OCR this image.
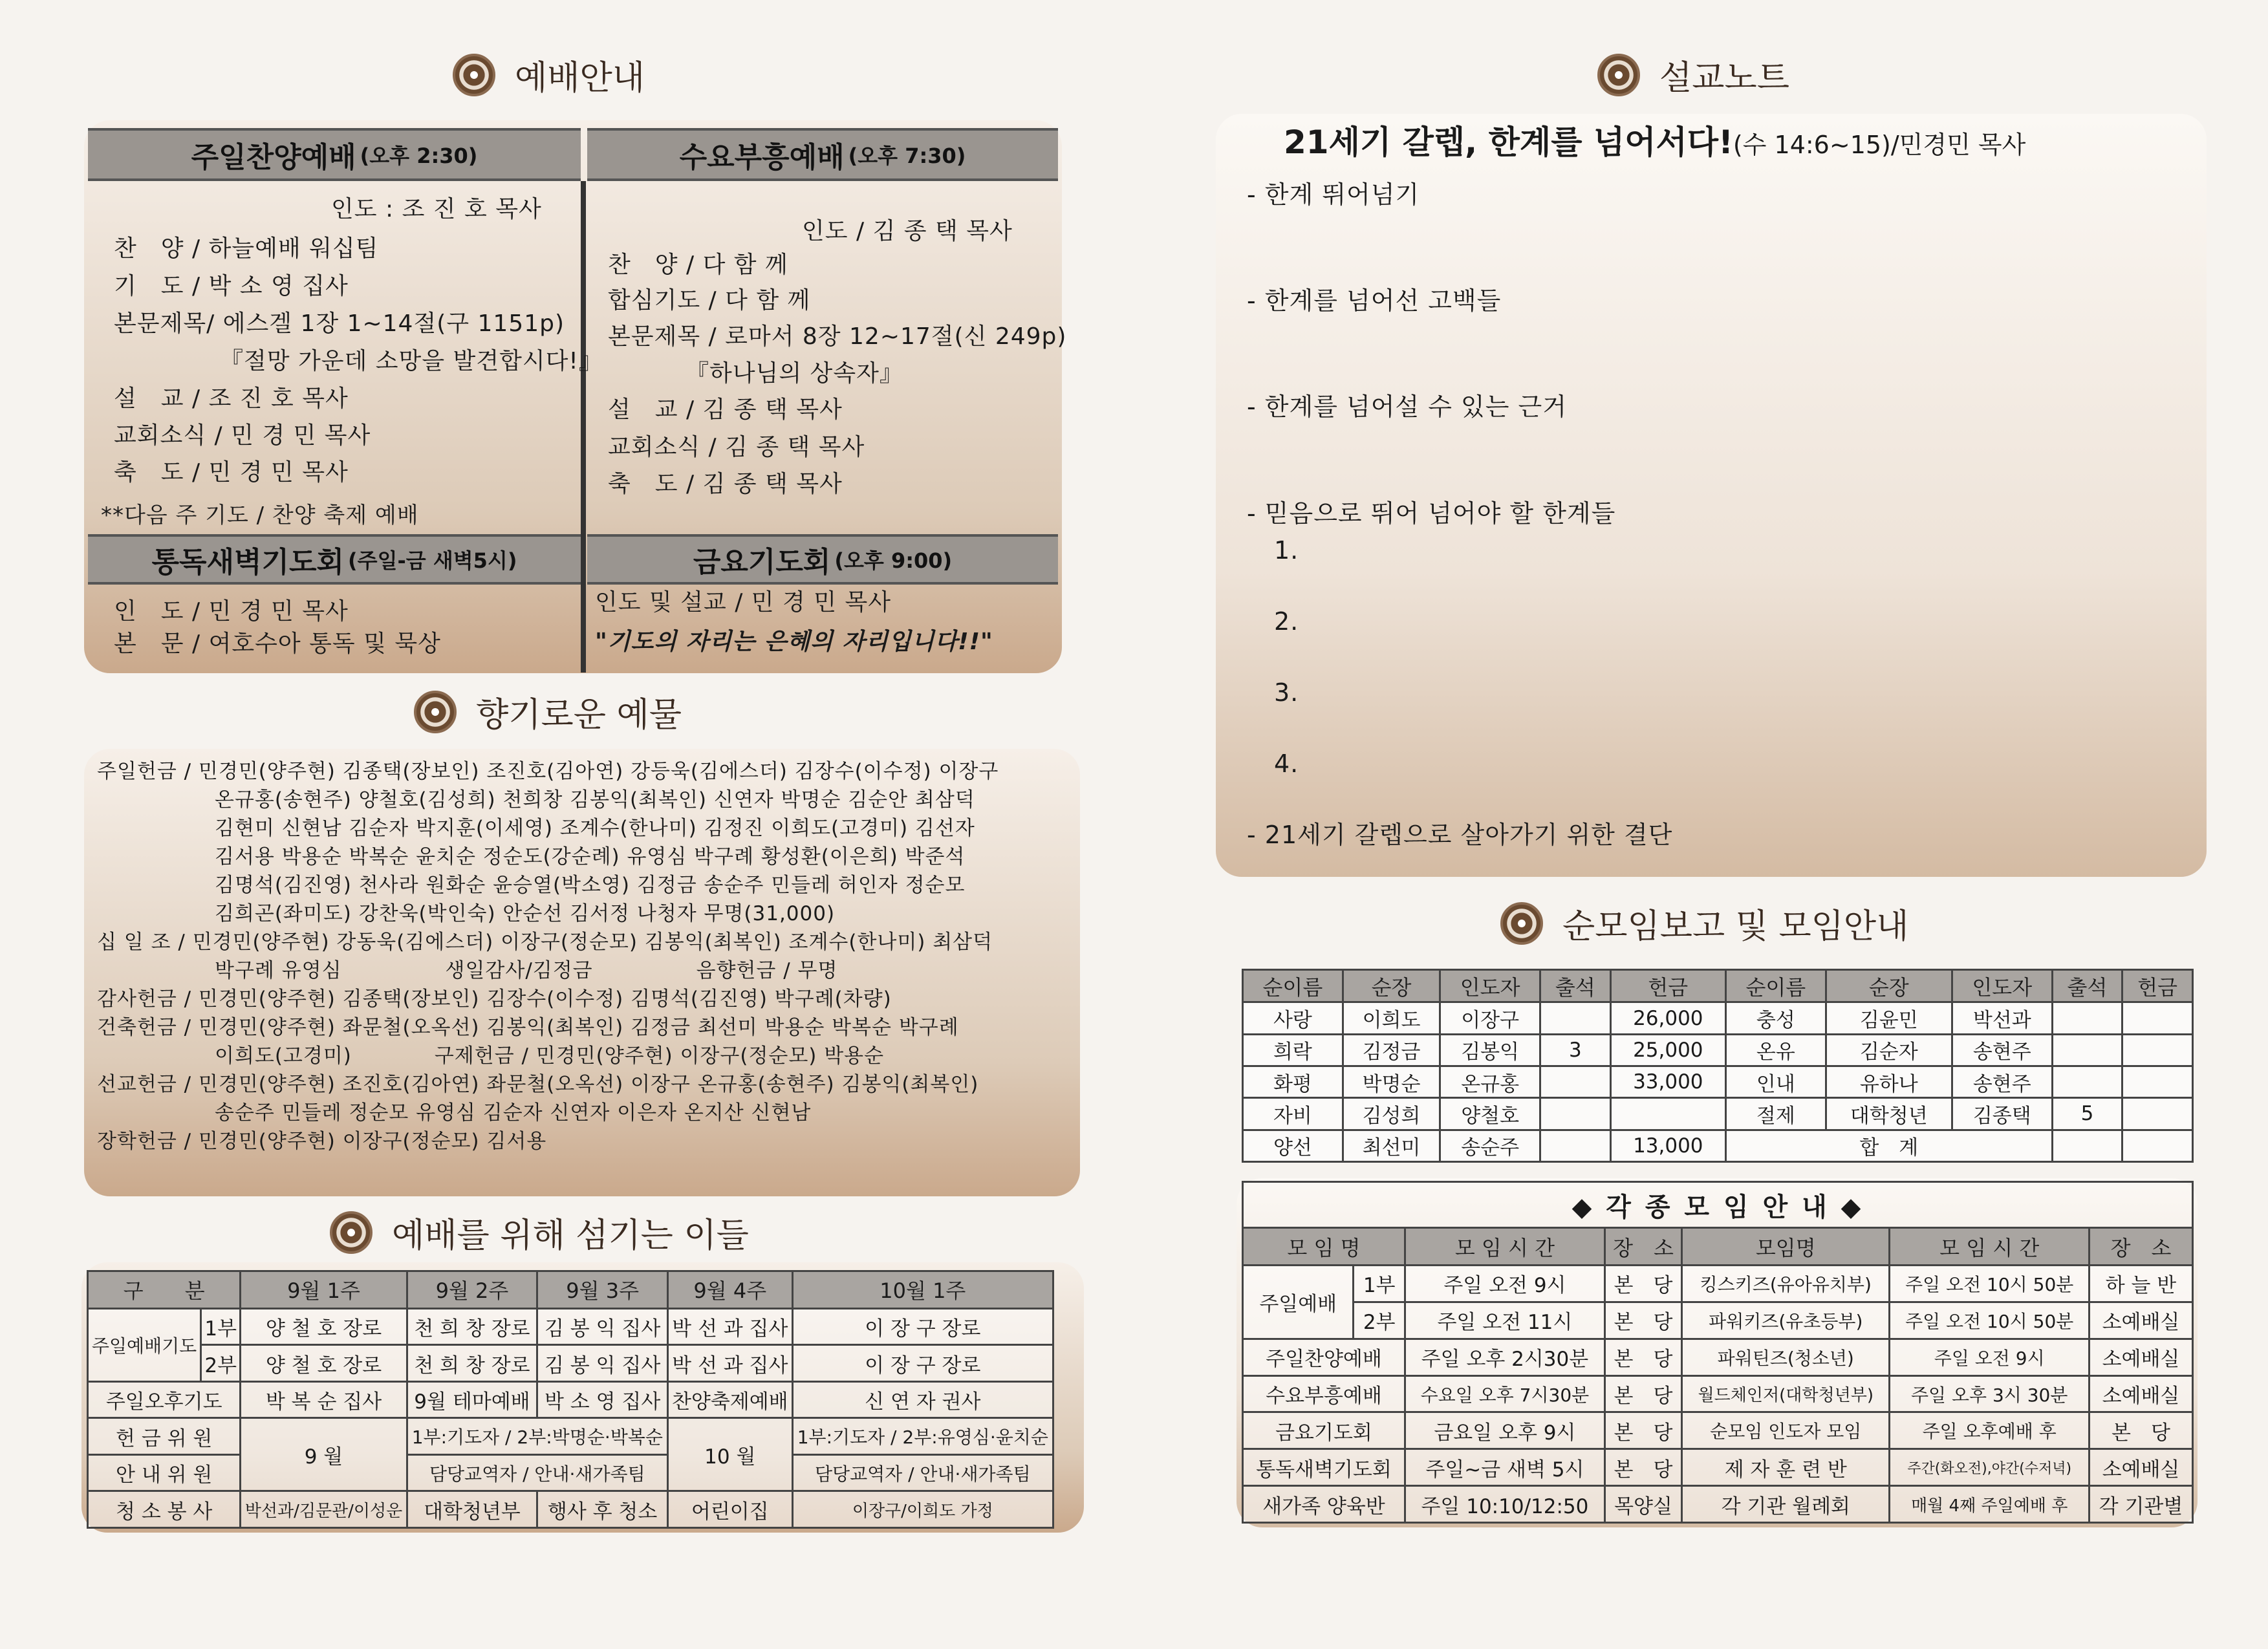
예배안내
주일찬양예배 (오후 2:30)	수요부흥예배 (오후 7:30)
인도 : 조 진 호 목사
찬　양 / 하늘예배 워십팀
기　도 / 박 소 영 집사
본문제목/ 에스겔 1장 1~14절(구 1151p)
『절망 가운데 소망을 발견합시다!』
설　교 / 조 진 호 목사
교회소식 / 민 경 민 목사
축　도 / 민 경 민 목사
**다음 주 기도 / 찬양 축제 예배
인도 / 김 종 택 목사
찬　양 / 다 함 께
합심기도 / 다 함 께
본문제목 / 로마서 8장 12~17절(신 249p)
『하나님의 상속자』
설　교 / 김 종 택 목사
교회소식 / 김 종 택 목사
축　도 / 김 종 택 목사
통독새벽기도회 (주일-금 새벽5시)	금요기도회 (오후 9:00)
인　도 / 민 경 민 목사
본　문 / 여호수아 통독 및 묵상
인도 및 설교 / 민 경 민 목사
"기도의 자리는 은혜의 자리입니다!!"
향기로운 예물
주일헌금 / 민경민(양주현) 김종택(장보인) 조진호(김아연) 강등욱(김에스더) 김장수(이수정) 이장구
온규홍(송현주) 양철호(김성희) 천희창 김봉익(최복인) 신연자 박명순 김순안 최삼덕
김현미 신현남 김순자 박지훈(이세영) 조계수(한나미) 김정진 이희도(고경미) 김선자
김서용 박용순 박복순 윤치순 정순도(강순례) 유영심 박구례 황성환(이은희) 박준석
김명석(김진영) 천사라 원화순 윤승열(박소영) 김정금 송순주 민들레 허인자 정순모
김희곤(좌미도) 강찬욱(박인숙) 안순선 김서정 나청자 무명(31,000)
십 일 조 / 민경민(양주현) 강동욱(김에스더) 이장구(정순모) 김봉익(최복인) 조계수(한나미) 최삼덕
박구례 유영심　　　　　생일감사/김정금　　　　　음향헌금 / 무명
감사헌금 / 민경민(양주현) 김종택(장보인) 김장수(이수정) 김명석(김진영) 박구례(차량)
건축헌금 / 민경민(양주현) 좌문철(오옥선) 김봉익(최복인) 김정금 최선미 박용순 박복순 박구례
이희도(고경미)　　　　구제헌금 / 민경민(양주현) 이장구(정순모) 박용순
선교헌금 / 민경민(양주현) 조진호(김아연) 좌문철(오옥선) 이장구 온규홍(송현주) 김봉익(최복인)
송순주 민들레 정순모 유영심 김순자 신연자 이은자 온지산 신현남
장학헌금 / 민경민(양주현) 이장구(정순모) 김서용
예배를 위해 섬기는 이들
구　　분		9월 1주	9월 2주	9월 3주	9월 4주	10월 1주
주일예배기도	1부	양 철 호 장로	천 희 창 장로	김 봉 익 집사	박 선 과 집사	이 장 구 장로
	2부	양 철 호 장로	천 희 창 장로	김 봉 익 집사	박 선 과 집사	이 장 구 장로
주일오후기도		박 복 순 집사	9월 테마예배	박 소 영 집사	찬양축제예배	신 연 자 권사
헌 금 위 원		9 월	1부:기도자 / 2부:박명순·박복순		10 월	1부:기도자 / 2부:유영심·윤치순
안 내 위 원			담당교역자 / 안내·새가족팀			담당교역자 / 안내·새가족팀
청 소 봉 사		박선과/김문관/이성운	대학청년부	행사 후 청소	어린이집	이장구/이희도 가정
설교노트
21세기 갈렙, 한계를 넘어서다!(수 14:6~15)/민경민 목사
- 한계 뛰어넘기
- 한계를 넘어선 고백들
- 한계를 넘어설 수 있는 근거
- 믿음으로 뛰어 넘어야 할 한계들
1.
2.
3.
4.
- 21세기 갈렙으로 살아가기 위한 결단
순모임보고 및 모임안내
순이름	순장	인도자	출석	헌금	순이름	순장	인도자	출석	헌금
사랑	이희도	이장구		26,000	충성	김윤민	박선과		
희락	김정금	김봉익	3	25,000	온유	김순자	송현주		
화평	박명순	온규홍		33,000	인내	유하나	송현주		
자비	김성희	양철호			절제	대학청년	김종택	5	
양선	최선미	송순주		13,000	합　계				
◆ 각 종 모 임 안 내 ◆						
모 임 명		모 임 시 간	장　소	모임명	모 임 시 간	장　소
주일예배	1부	주일 오전 9시	본　당	킹스키즈(유아유치부)	주일 오전 10시 50분	하 늘 반
	2부	주일 오전 11시	본　당	파워키즈(유초등부)	주일 오전 10시 50분	소예배실
주일찬양예배		주일 오후 2시30분	본　당	파워틴즈(청소년)	주일 오전 9시	소예배실
수요부흥예배		수요일 오후 7시30분	본　당	월드체인저(대학청년부)	주일 오후 3시 30분	소예배실
금요기도회		금요일 오후 9시	본　당	순모임 인도자 모임	주일 오후예배 후	본　당
통독새벽기도회		주일~금 새벽 5시	본　당	제 자 훈 련 반	주간(화오전),야간(수저녁)	소예배실
새가족 양육반		주일 10:10/12:50	목양실	각 기관 월례회	매월 4째 주일예배 후	각 기관별
